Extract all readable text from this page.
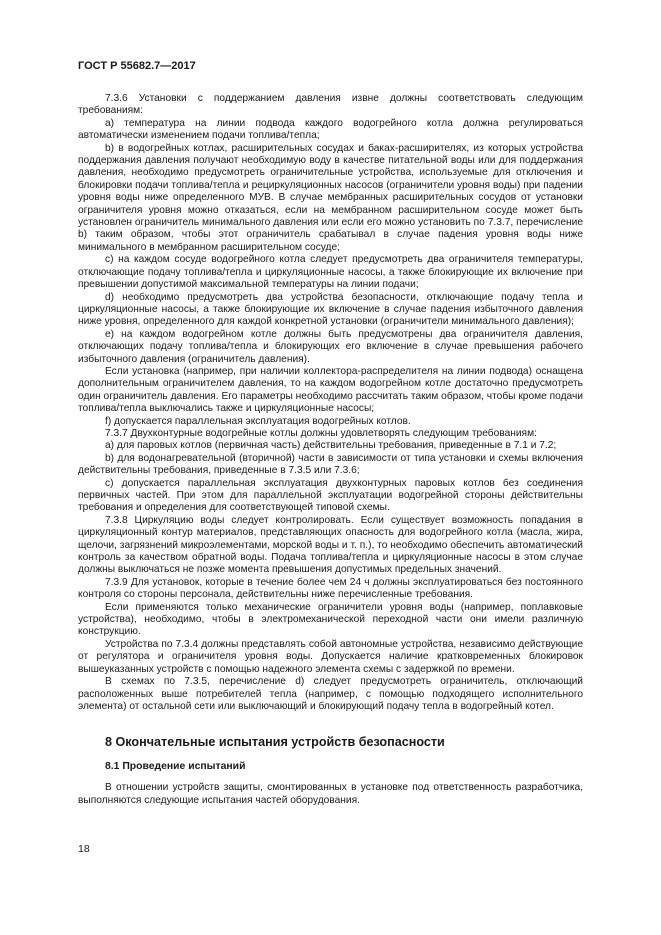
ГОСТ Р 55682.7—2017

7.3.6 Установки с поддержанием давления извне должны соответствовать следующим требованиям:

а) температура на линии подвода каждого водогрейного котла должна регулироваться автоматически изменением подачи топлива/тепла;

b) в водогрейных котлах, расширительных сосудах и баках-расширителях, из которых устройства поддержания давления получают необходимую воду в качестве питательной воды или для поддержания давления, необходимо предусмотреть ограничительные устройства, используемые для отключения и блокировки подачи топлива/тепла и рециркуляционных насосов (ограничители уровня воды) при падении уровня воды ниже определенного МУВ. В случае мембранных расширительных сосудов от установки ограничителя уровня можно отказаться, если на мембранном расширительном сосуде может быть установлен ограничитель минимального давления или если его можно установить по 7.3.7, перечисление b) таким образом, чтобы этот ограничитель срабатывал в случае падения уровня воды ниже минимального в мембранном расширительном сосуде;

c) на каждом сосуде водогрейного котла следует предусмотреть два ограничителя температуры, отключающие подачу топлива/тепла и циркуляционные насосы, а также блокирующие их включение при превышении допустимой максимальной температуры на линии подачи;

d) необходимо предусмотреть два устройства безопасности, отключающие подачу тепла и циркуляционные насосы, а также блокирующие их включение в случае падения избыточного давления ниже уровня, определенного для каждой конкретной установки (ограничители минимального давления);

e) на каждом водогрейном котле должны быть предусмотрены два ограничителя давления, отключающих подачу топлива/тепла и блокирующих его включение в случае превышения рабочего избыточного давления (ограничитель давления).

Если установка (например, при наличии коллектора-распределителя на линии подвода) оснащена дополнительным ограничителем давления, то на каждом водогрейном котле достаточно предусмотреть один ограничитель давления. Его параметры необходимо рассчитать таким образом, чтобы кроме подачи топлива/тепла выключались также и циркуляционные насосы;

f) допускается параллельная эксплуатация водогрейных котлов.

7.3.7 Двухконтурные водогрейные котлы должны удовлетворять следующим требованиям:

a) для паровых котлов (первичная часть) действительны требования, приведенные в 7.1 и 7.2;

b) для водонагревательной (вторичной) части в зависимости от типа установки и схемы включения действительны требования, приведенные в 7.3.5 или 7.3.6;

c) допускается параллельная эксплуатация двухконтурных паровых котлов без соединения первичных частей. При этом для параллельной эксплуатации водогрейной стороны действительны требования и определения для соответствующей типовой схемы.

7.3.8 Циркуляцию воды следует контролировать. Если существует возможность попадания в циркуляционный контур материалов, представляющих опасность для водогрейного котла (масла, жира, щелочи, загрязнений микроэлементами, морской воды и т. п.), то необходимо обеспечить автоматический контроль за качеством обратной воды. Подача топлива/тепла и циркуляционные насосы в этом случае должны выключаться не позже момента превышения допустимых предельных значений.

7.3.9 Для установок, которые в течение более чем 24 ч должны эксплуатироваться без постоянного контроля со стороны персонала, действительны ниже перечисленные требования.

Если применяются только механические ограничители уровня воды (например, поплавковые устройства), необходимо, чтобы в электромеханической переходной части они имели различную конструкцию.

Устройства по 7.3.4 должны представлять собой автономные устройства, независимо действующие от регулятора и ограничителя уровня воды. Допускается наличие кратковременных блокировок вышеуказанных устройств с помощью надежного элемента схемы с задержкой по времени.

В схемах по 7.3.5, перечисление d) следует предусмотреть ограничитель, отключающий расположенных выше потребителей тепла (например, с помощью подходящего исполнительного элемента) от остальной сети или выключающий и блокирующий подачу тепла в водогрейный котел.

8 Окончательные испытания устройств безопасности
8.1 Проведение испытаний

В отношении устройств защиты, смонтированных в установке под ответственность разработчика, выполняются следующие испытания частей оборудования.

18
